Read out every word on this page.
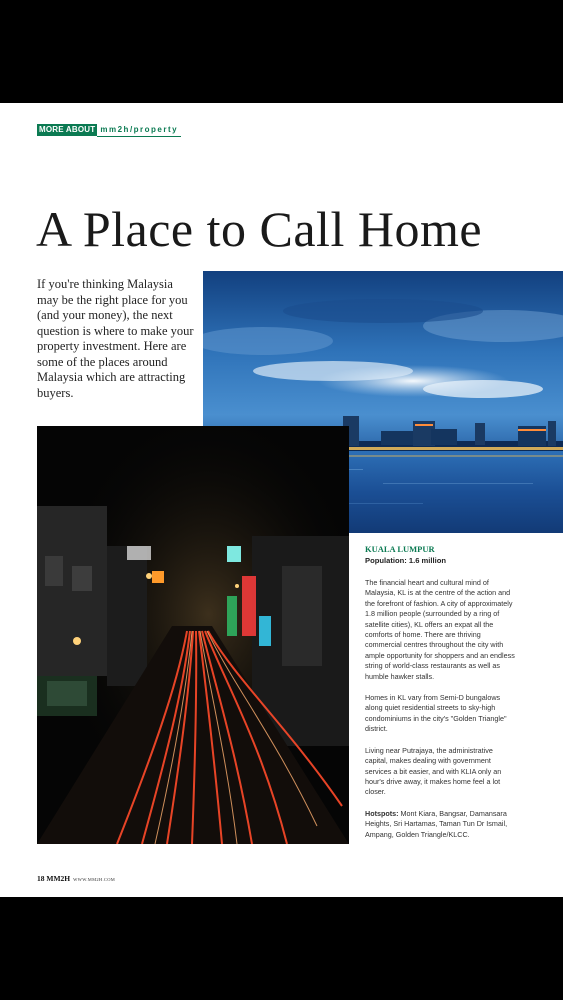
MORE ABOUT mm2h/property
A Place to Call Home

If you're thinking Malaysia may be the right place for you (and your money), the next question is where to make your property investment. Here are some of the places around Malaysia which are attracting buyers.

KUALA LUMPUR
Population: 1.6 million

The financial heart and cultural mind of Malaysia, KL is at the centre of the action and the forefront of fashion. A city of approximately 1.8 million people (surrounded by a ring of satellite cities), KL offers an expat all the comforts of home. There are thriving commercial centres throughout the city with ample opportunity for shoppers and an endless string of world-class restaurants as well as humble hawker stalls.

Homes in KL vary from Semi-D bungalows along quiet residential streets to sky-high condominiums in the city's "Golden Triangle" district.

Living near Putrajaya, the administrative capital, makes dealing with government services a bit easier, and with KLIA only an hour's drive away, it makes home feel a lot closer.

Hotspots: Mont Kiara, Bangsar, Damansara Heights, Sri Hartamas, Taman Tun Dr Ismail, Ampang, Golden Triangle/KLCC.

18 MM2H WWW.MM2H.COM
